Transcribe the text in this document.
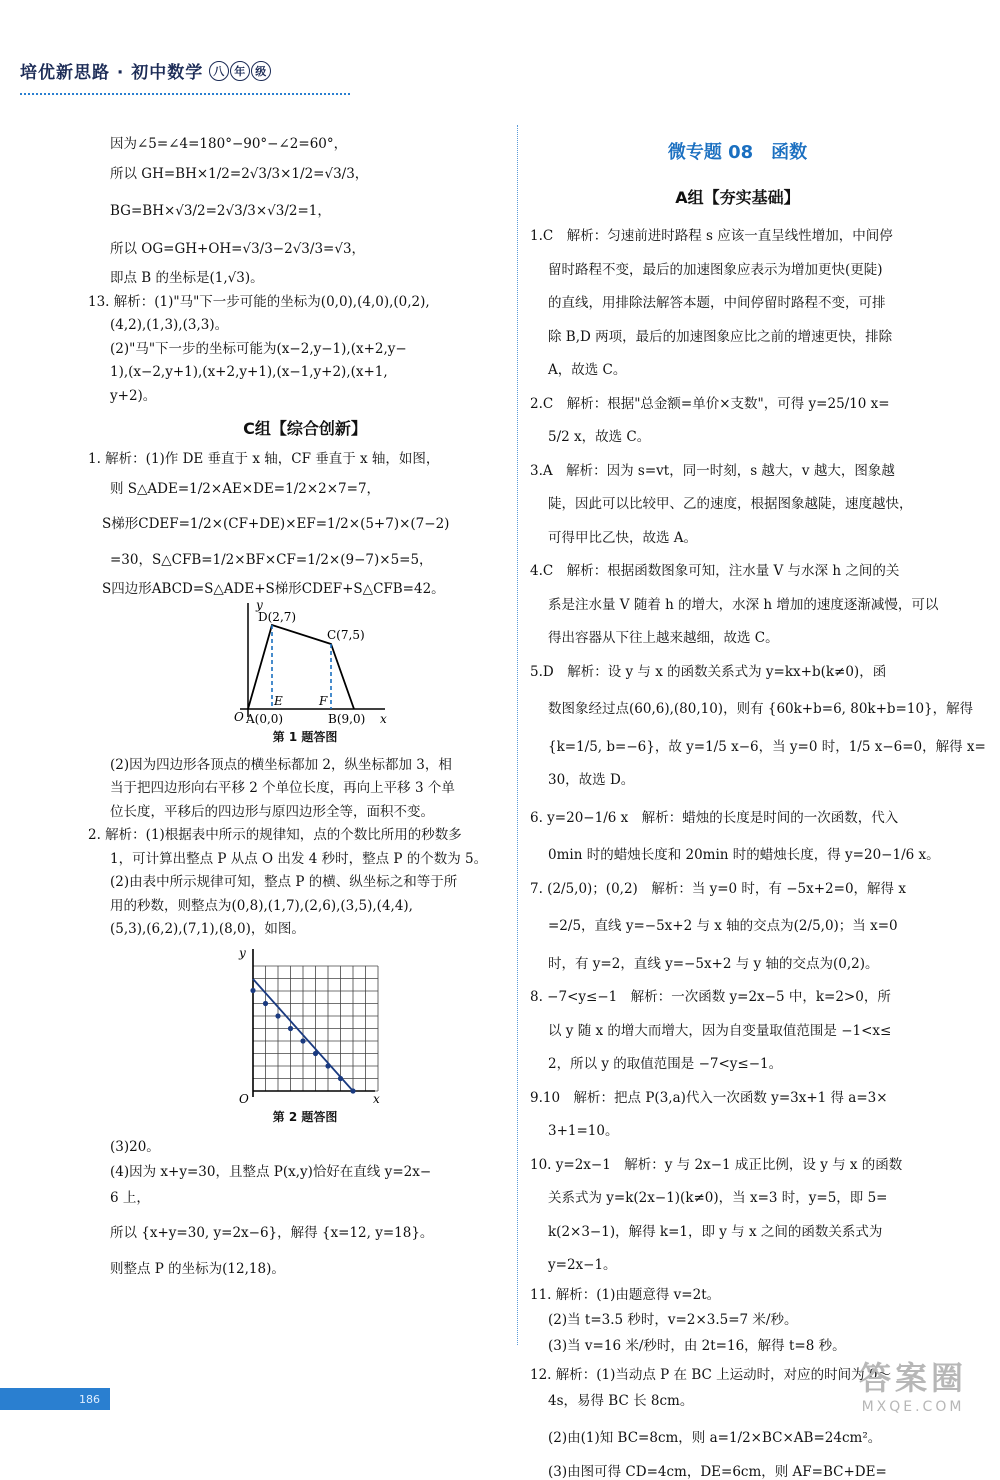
培优新思路 · 初中数学 八 年 级

因为∠5=∠4=180°−90°−∠2=60°，

所以 GH=BH×1/2=2√3/3×1/2=√3/3，

BG=BH×√3/2=2√3/3×√3/2=1，

所以 OG=GH+OH=√3/3−2√3/3=√3，

即点 B 的坐标是(1,√3)。

13. 解析：(1)"马"下一步可能的坐标为(0,0),(4,0),(0,2),

(4,2),(1,3),(3,3)。

(2)"马"下一步的坐标可能为(x−2,y−1),(x+2,y−

1),(x−2,y+1),(x+2,y+1),(x−1,y+2),(x+1,

y+2)。

C组【综合创新】

1. 解析：(1)作 DE 垂直于 x 轴，CF 垂直于 x 轴，如图，

则 S△ADE=1/2×AE×DE=1/2×2×7=7，

S梯形CDEF=1/2×(CF+DE)×EF=1/2×(5+7)×(7−2)

=30，S△CFB=1/2×BF×CF=1/2×(9−7)×5=5，

S四边形ABCD=S△ADE+S梯形CDEF+S△CFB=42。

y
x
O
D(2,7)
C(7,5)
E	F
A(0,0)	B(9,0)
第 1 题答图

(2)因为四边形各顶点的横坐标都加 2，纵坐标都加 3，相

当于把四边形向右平移 2 个单位长度，再向上平移 3 个单

位长度，平移后的四边形与原四边形全等，面积不变。

2. 解析：(1)根据表中所示的规律知，点的个数比所用的秒数多

1，可计算出整点 P 从点 O 出发 4 秒时，整点 P 的个数为 5。

(2)由表中所示规律可知，整点 P 的横、纵坐标之和等于所

用的秒数，则整点为(0,8),(1,7),(2,6),(3,5),(4,4),

(5,3),(6,2),(7,1),(8,0)，如图。

y
x
O
第 2 题答图

(3)20。

(4)因为 x+y=30，且整点 P(x,y)恰好在直线 y=2x−

6 上，

所以 {x+y=30, y=2x−6}，解得 {x=12, y=18}。

则整点 P 的坐标为(12,18)。

微专题 08　函数
A组【夯实基础】

1.C　解析：匀速前进时路程 s 应该一直呈线性增加，中间停

留时路程不变，最后的加速图象应表示为增加更快(更陡)

的直线，用排除法解答本题，中间停留时路程不变，可排

除 B,D 两项，最后的加速图象应比之前的增速更快，排除

A，故选 C。

2.C　解析：根据"总金额=单价×支数"，可得 y=25/10 x=

5/2 x，故选 C。

3.A　解析：因为 s=vt，同一时刻，s 越大，v 越大，图象越

陡，因此可以比较甲、乙的速度，根据图象越陡，速度越快，

可得甲比乙快，故选 A。

4.C　解析：根据函数图象可知，注水量 V 与水深 h 之间的关

系是注水量 V 随着 h 的增大，水深 h 增加的速度逐渐减慢，可以

得出容器从下往上越来越细，故选 C。

5.D　解析：设 y 与 x 的函数关系式为 y=kx+b(k≠0)，函

数图象经过点(60,6),(80,10)，则有 {60k+b=6, 80k+b=10}，解得

{k=1/5, b=−6}，故 y=1/5 x−6，当 y=0 时，1/5 x−6=0，解得 x=

30，故选 D。

6. y=20−1/6 x　解析：蜡烛的长度是时间的一次函数，代入

0min 时的蜡烛长度和 20min 时的蜡烛长度，得 y=20−1/6 x。

7. (2/5,0)；(0,2)　解析：当 y=0 时，有 −5x+2=0，解得 x

=2/5，直线 y=−5x+2 与 x 轴的交点为(2/5,0)；当 x=0

时，有 y=2，直线 y=−5x+2 与 y 轴的交点为(0,2)。

8. −7<y≤−1　解析：一次函数 y=2x−5 中，k=2>0，所

以 y 随 x 的增大而增大，因为自变量取值范围是 −1<x≤

2，所以 y 的取值范围是 −7<y≤−1。

9.10　解析：把点 P(3,a)代入一次函数 y=3x+1 得 a=3×

3+1=10。

10. y=2x−1　解析：y 与 2x−1 成正比例，设 y 与 x 的函数

关系式为 y=k(2x−1)(k≠0)，当 x=3 时，y=5，即 5=

k(2×3−1)，解得 k=1，即 y 与 x 之间的函数关系式为

y=2x−1。

11. 解析：(1)由题意得 v=2t。

(2)当 t=3.5 秒时，v=2×3.5=7 米/秒。

(3)当 v=16 米/秒时，由 2t=16，解得 t=8 秒。

12. 解析：(1)当动点 P 在 BC 上运动时，对应的时间为 0～

4s，易得 BC 长 8cm。

(2)由(1)知 BC=8cm，则 a=1/2×BC×AB=24cm²。

(3)由图可得 CD=4cm，DE=6cm，则 AF=BC+DE=

186
答案圈
MXQE.COM
